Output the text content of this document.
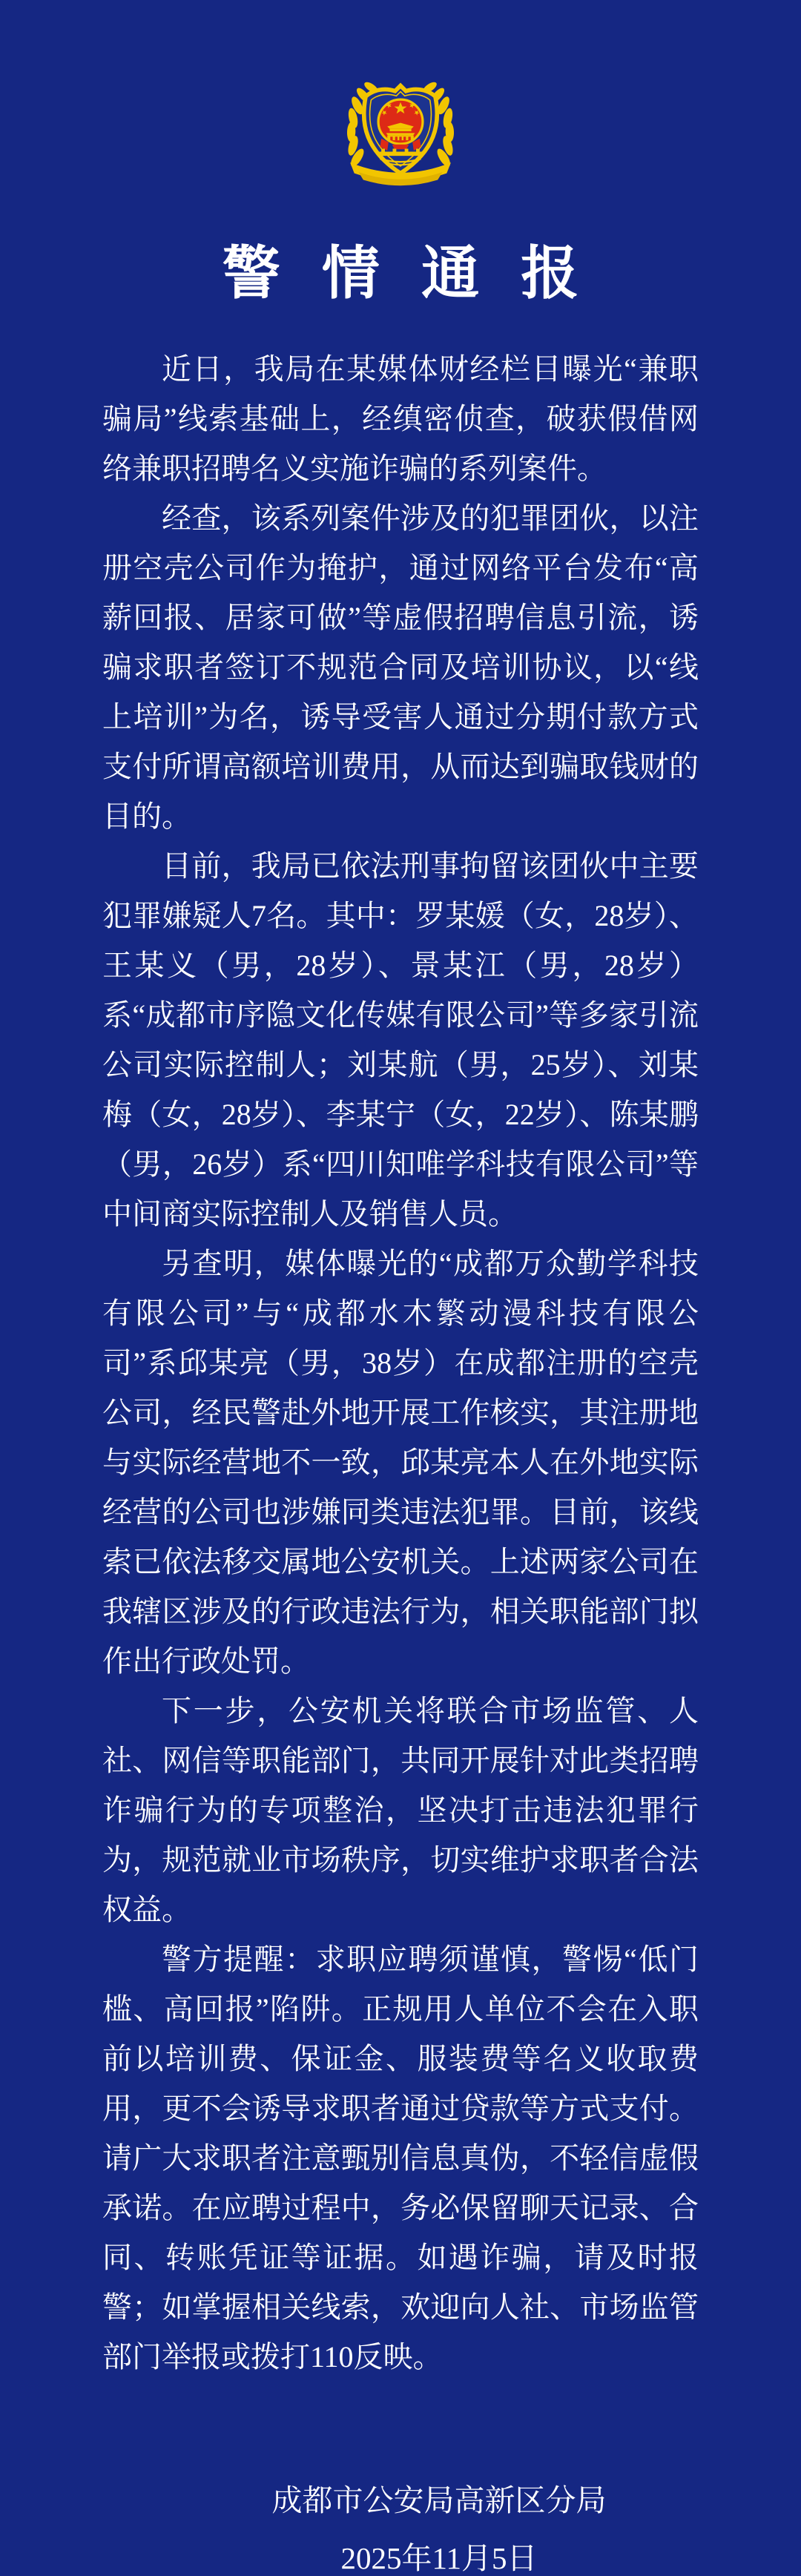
警情通报

近日，我局在某媒体财经栏目曝光“兼职骗局”线索基础上，经缜密侦查，破获假借网络兼职招聘名义实施诈骗的系列案件。

经查，该系列案件涉及的犯罪团伙，以注册空壳公司作为掩护，通过网络平台发布“高薪回报、居家可做”等虚假招聘信息引流，诱骗求职者签订不规范合同及培训协议，以“线上培训”为名，诱导受害人通过分期付款方式支付所谓高额培训费用，从而达到骗取钱财的目的。

目前，我局已依法刑事拘留该团伙中主要犯罪嫌疑人7名。其中：罗某媛（女，28岁）、王某义（男，28岁）、景某江（男，28岁）系“成都市序隐文化传媒有限公司”等多家引流公司实际控制人；刘某航（男，25岁）、刘某梅（女，28岁）、李某宁（女，22岁）、陈某鹏（男，26岁）系“四川知唯学科技有限公司”等中间商实际控制人及销售人员。

另查明，媒体曝光的“成都万众勤学科技有限公司”与“成都水木繁动漫科技有限公司”系邱某亮（男，38岁）在成都注册的空壳公司，经民警赴外地开展工作核实，其注册地与实际经营地不一致，邱某亮本人在外地实际经营的公司也涉嫌同类违法犯罪。目前，该线索已依法移交属地公安机关。上述两家公司在我辖区涉及的行政违法行为，相关职能部门拟作出行政处罚。

下一步，公安机关将联合市场监管、人社、网信等职能部门，共同开展针对此类招聘诈骗行为的专项整治，坚决打击违法犯罪行为，规范就业市场秩序，切实维护求职者合法权益。

警方提醒：求职应聘须谨慎，警惕“低门槛、高回报”陷阱。正规用人单位不会在入职前以培训费、保证金、服装费等名义收取费用，更不会诱导求职者通过贷款等方式支付。请广大求职者注意甄别信息真伪，不轻信虚假承诺。在应聘过程中，务必保留聊天记录、合同、转账凭证等证据。如遇诈骗，请及时报警；如掌握相关线索，欢迎向人社、市场监管部门举报或拨打110反映。

成都市公安局高新区分局
2025年11月5日
